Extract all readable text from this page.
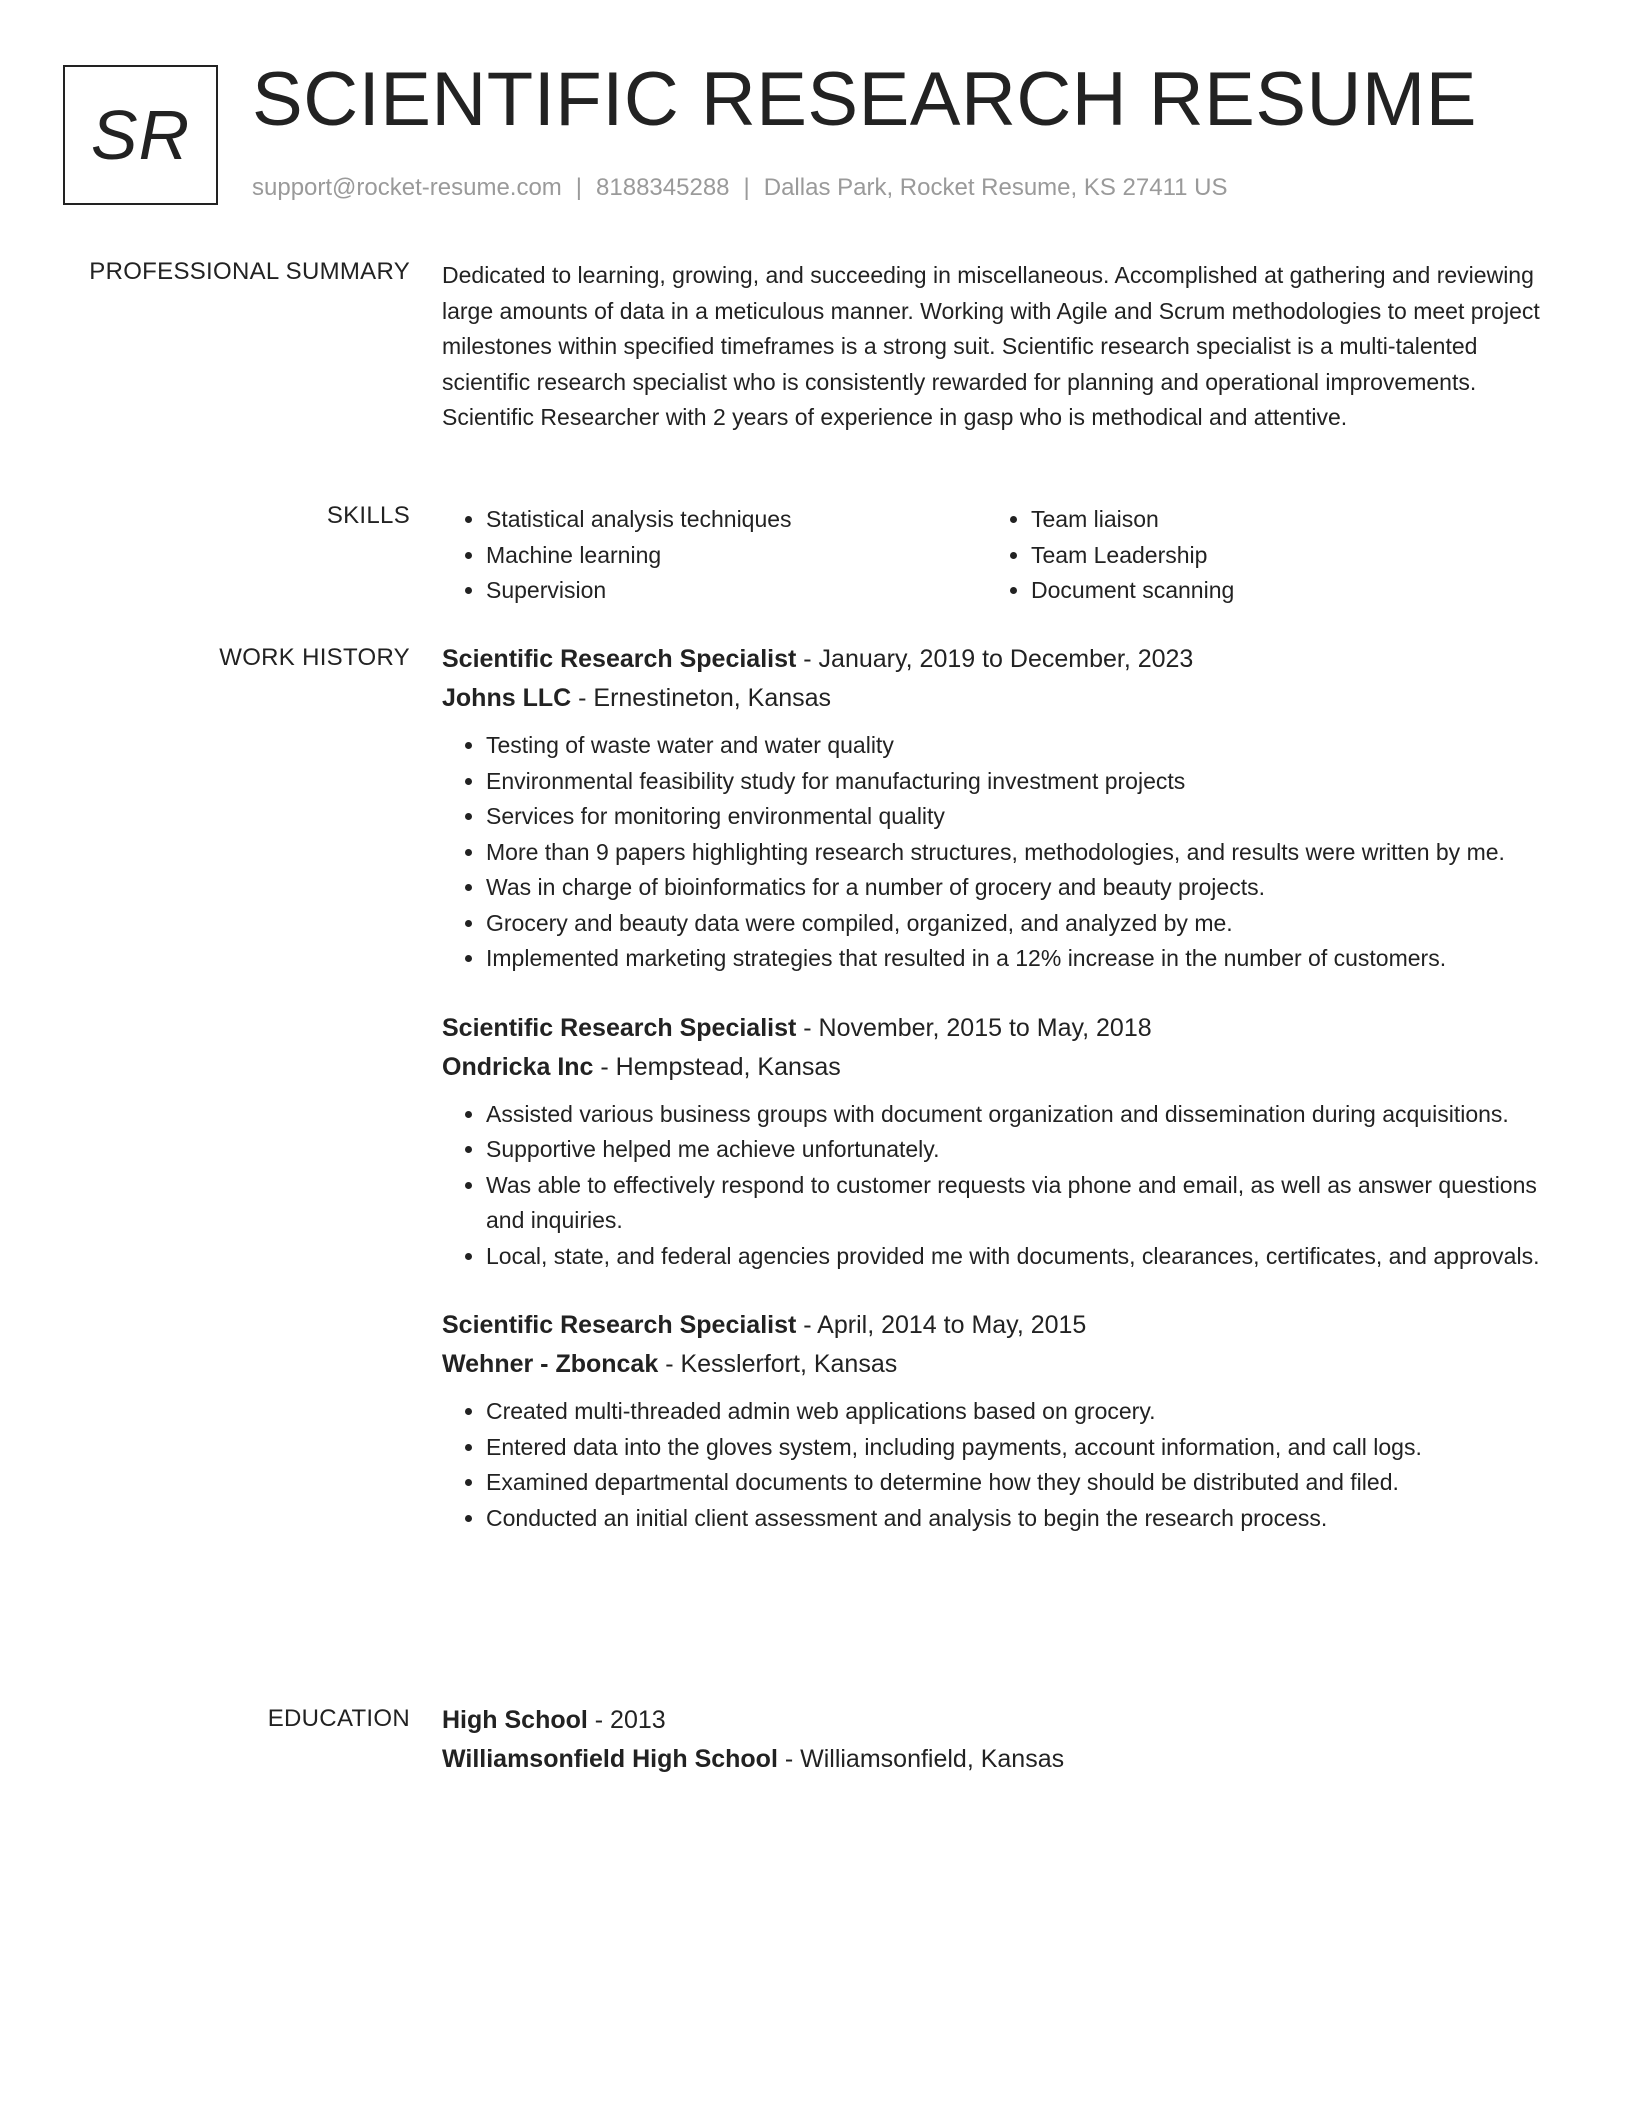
SR SCIENTIFIC RESEARCH RESUME
support@rocket-resume.com | 8188345288 | Dallas Park, Rocket Resume, KS 27411 US
PROFESSIONAL SUMMARY Dedicated to learning, growing, and succeeding in miscellaneous. Accomplished at gathering and reviewing large amounts of data in a meticulous manner. Working with Agile and Scrum methodologies to meet project milestones within specified timeframes is a strong suit. Scientific research specialist is a multi-talented scientific research specialist who is consistently rewarded for planning and operational improvements. Scientific Researcher with 2 years of experience in gasp who is methodical and attentive.

SKILLS
•	Statistical analysis techniques
• Machine learning
• Supervision
• Team liaison
• Team Leadership
• Document scanning
WORK HISTORY Scientific Research Specialist - January, 2019 to December, 2023
Johns LLC - Ernestineton, Kansas
• Testing of waste water and water quality
• Environmental feasibility study for manufacturing investment projects
• Services for monitoring environmental quality
• More than 9 papers highlighting research structures, methodologies, and results were written by me.
• Was in charge of bioinformatics for a number of grocery and beauty projects.
• Grocery and beauty data were compiled, organized, and analyzed by me.
• Implemented marketing strategies that resulted in a 12% increase in the number of customers.
Scientific Research Specialist - November, 2015 to May, 2018
Ondricka Inc - Hempstead, Kansas
• Assisted various business groups with document organization and dissemination during acquisitions.
• Supportive helped me achieve unfortunately.
• Was able to effectively respond to customer requests via phone and email, as well as answer questions and inquiries.
• Local, state, and federal agencies provided me with documents, clearances, certificates, and approvals.
Scientific Research Specialist - April, 2014 to May, 2015
Wehner - Zboncak - Kesslerfort, Kansas
• Created multi-threaded admin web applications based on grocery.
• Entered data into the gloves system, including payments, account information, and call logs.
• Examined departmental documents to determine how they should be distributed and filed.
• Conducted an initial client assessment and analysis to begin the research process.
EDUCATION High School - 2013
Williamsonfield High School - Williamsonfield, Kansas
